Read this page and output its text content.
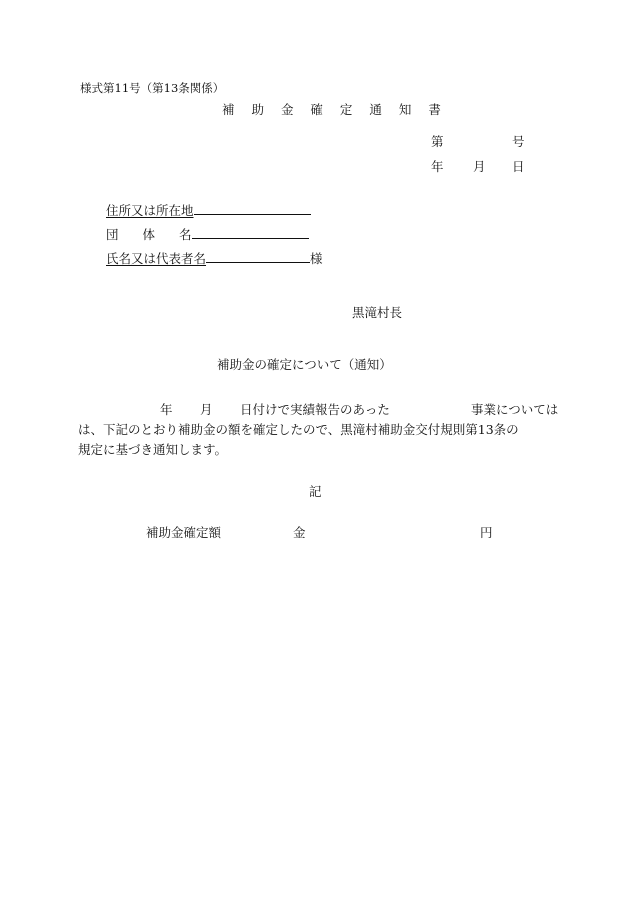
様式第11号（第13条関係）
補 助 金 確 定 通 知 書
第	号
年 月 日
住所又は所在地
団 体 名
氏名又は代表者名	様
黒滝村長
補助金の確定について（通知）
年 月 日付けで実績報告のあった	事業については
は、下記のとおり補助金の額を確定したので、黒滝村補助金交付規則第13条の
規定に基づき通知します。
記
補助金確定額	金	円
